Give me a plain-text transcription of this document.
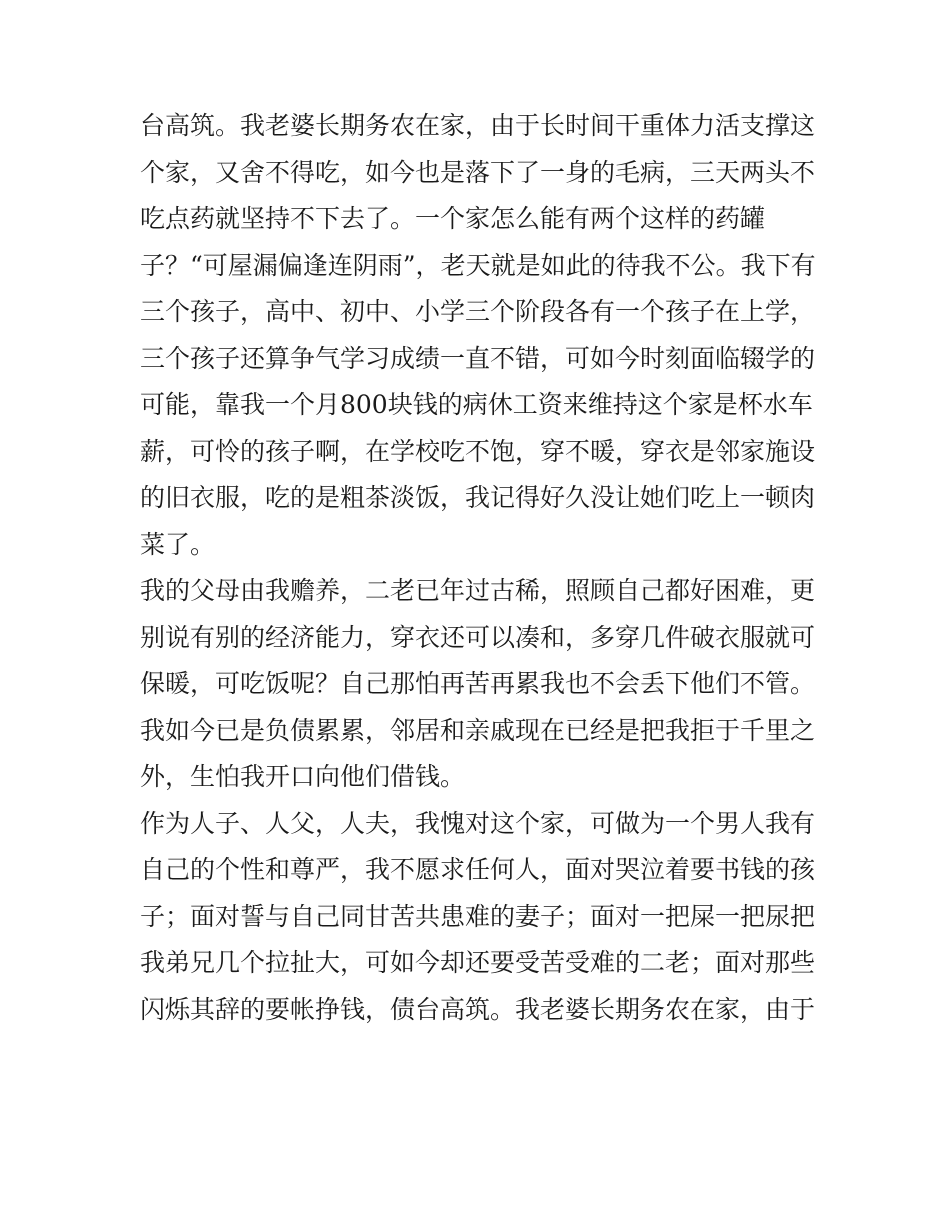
台高筑。我老婆长期务农在家，由于长时间干重体力活支撑这
个家，又舍不得吃，如今也是落下了一身的毛病，三天两头不
吃点药就坚持不下去了。一个家怎么能有两个这样的药罐
子？“可屋漏偏逢连阴雨”，老天就是如此的待我不公。我下有
三个孩子，高中、初中、小学三个阶段各有一个孩子在上学，
三个孩子还算争气学习成绩一直不错，可如今时刻面临辍学的
可能，靠我一个月800块钱的病休工资来维持这个家是杯水车
薪，可怜的孩子啊，在学校吃不饱，穿不暖，穿衣是邻家施设
的旧衣服，吃的是粗茶淡饭，我记得好久没让她们吃上一顿肉
菜了。
我的父母由我赡养，二老已年过古稀，照顾自己都好困难，更
别说有别的经济能力，穿衣还可以凑和，多穿几件破衣服就可
保暖，可吃饭呢？自己那怕再苦再累我也不会丢下他们不管。
我如今已是负债累累，邻居和亲戚现在已经是把我拒于千里之
外，生怕我开口向他们借钱。
作为人子、人父，人夫，我愧对这个家，可做为一个男人我有
自己的个性和尊严，我不愿求任何人，面对哭泣着要书钱的孩
子；面对誓与自己同甘苦共患难的妻子；面对一把屎一把尿把
我弟兄几个拉扯大，可如今却还要受苦受难的二老；面对那些
闪烁其辞的要帐挣钱，债台高筑。我老婆长期务农在家，由于
